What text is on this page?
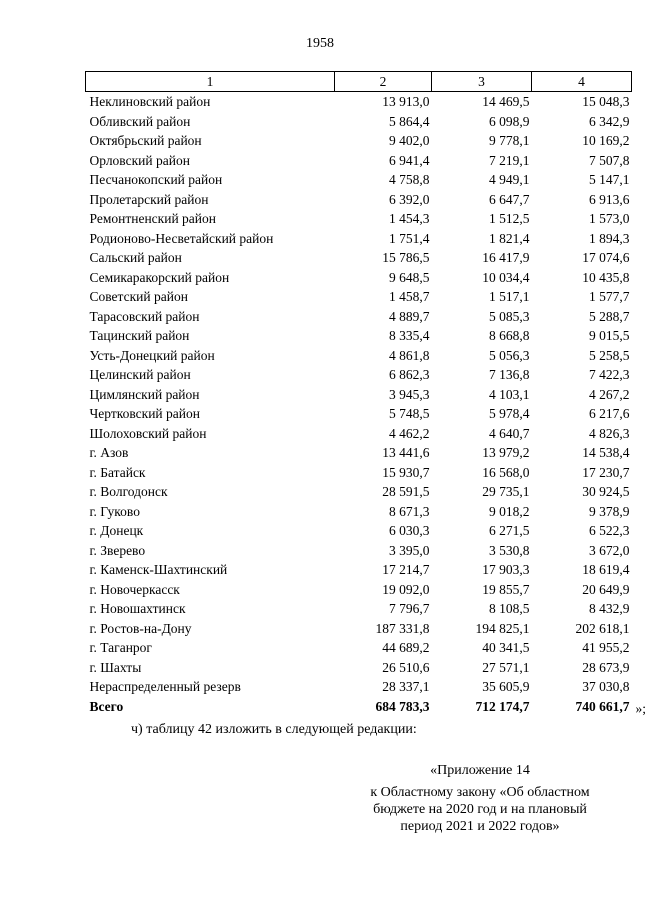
1958
1	2	3	4
Неклиновский район	13 913,0	14 469,5	15 048,3
Обливский район	5 864,4	6 098,9	6 342,9
Октябрьский район	9 402,0	9 778,1	10 169,2
Орловский район	6 941,4	7 219,1	7 507,8
Песчанокопский район	4 758,8	4 949,1	5 147,1
Пролетарский район	6 392,0	6 647,7	6 913,6
Ремонтненский район	1 454,3	1 512,5	1 573,0
Родионово-Несветайский район	1 751,4	1 821,4	1 894,3
Сальский район	15 786,5	16 417,9	17 074,6
Семикаракорский район	9 648,5	10 034,4	10 435,8
Советский район	1 458,7	1 517,1	1 577,7
Тарасовский район	4 889,7	5 085,3	5 288,7
Тацинский район	8 335,4	8 668,8	9 015,5
Усть-Донецкий район	4 861,8	5 056,3	5 258,5
Целинский район	6 862,3	7 136,8	7 422,3
Цимлянский район	3 945,3	4 103,1	4 267,2
Чертковский район	5 748,5	5 978,4	6 217,6
Шолоховский район	4 462,2	4 640,7	4 826,3
г. Азов	13 441,6	13 979,2	14 538,4
г. Батайск	15 930,7	16 568,0	17 230,7
г. Волгодонск	28 591,5	29 735,1	30 924,5
г. Гуково	8 671,3	9 018,2	9 378,9
г. Донецк	6 030,3	6 271,5	6 522,3
г. Зверево	3 395,0	3 530,8	3 672,0
г. Каменск-Шахтинский	17 214,7	17 903,3	18 619,4
г. Новочеркасск	19 092,0	19 855,7	20 649,9
г. Новошахтинск	7 796,7	8 108,5	8 432,9
г. Ростов-на-Дону	187 331,8	194 825,1	202 618,1
г. Таганрог	44 689,2	40 341,5	41 955,2
г. Шахты	26 510,6	27 571,1	28 673,9
Нераспределенный резерв	28 337,1	35 605,9	37 030,8
Всего	684 783,3	712 174,7	740 661,7 »;
ч) таблицу 42 изложить в следующей редакции:
«Приложение 14
к Областному закону «Об областном
бюджете на 2020 год и на плановый
период 2021 и 2022 годов»
